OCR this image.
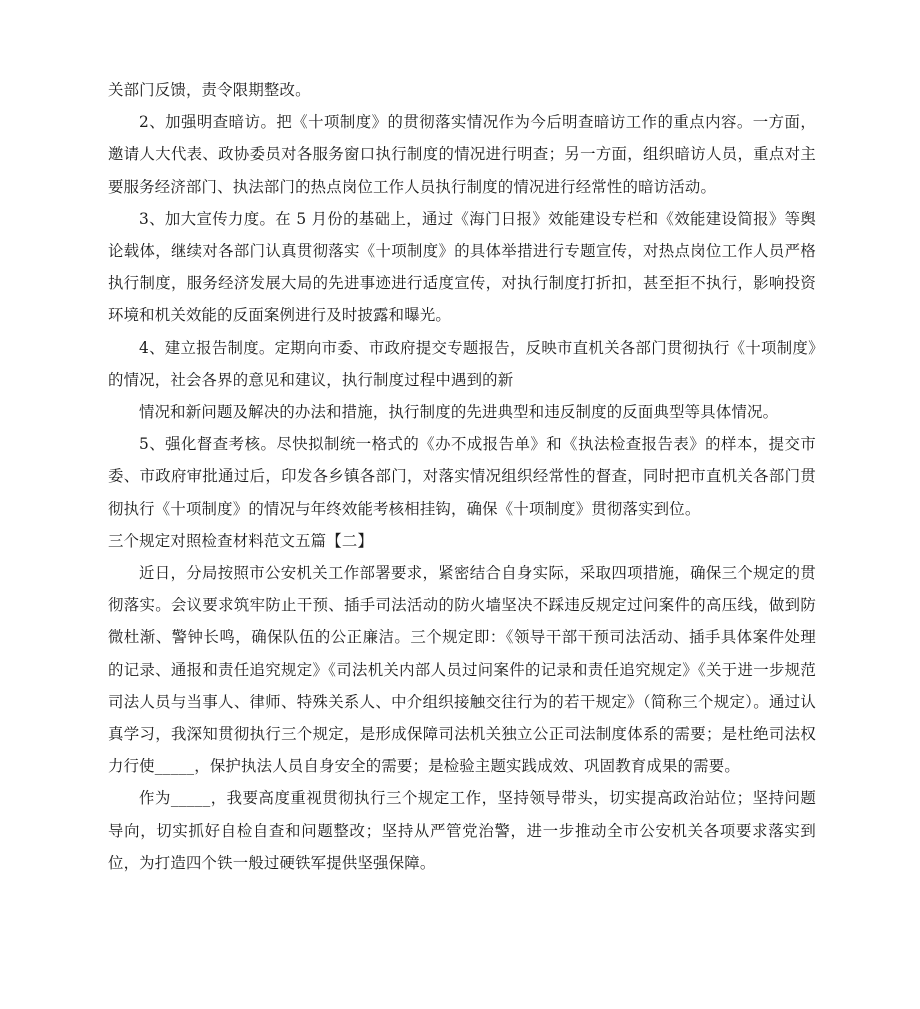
关部门反馈，责令限期整改。

2、加强明查暗访。把《十项制度》的贯彻落实情况作为今后明查暗访工作的重点内容。一方面，邀请人大代表、政协委员对各服务窗口执行制度的情况进行明查；另一方面，组织暗访人员，重点对主要服务经济部门、执法部门的热点岗位工作人员执行制度的情况进行经常性的暗访活动。

3、加大宣传力度。在 5 月份的基础上，通过《海门日报》效能建设专栏和《效能建设简报》等舆论载体，继续对各部门认真贯彻落实《十项制度》的具体举措进行专题宣传，对热点岗位工作人员严格执行制度，服务经济发展大局的先进事迹进行适度宣传，对执行制度打折扣，甚至拒不执行，影响投资环境和机关效能的反面案例进行及时披露和曝光。

4、建立报告制度。定期向市委、市政府提交专题报告，反映市直机关各部门贯彻执行《十项制度》的情况，社会各界的意见和建议，执行制度过程中遇到的新

情况和新问题及解决的办法和措施，执行制度的先进典型和违反制度的反面典型等具体情况。

5、强化督查考核。尽快拟制统一格式的《办不成报告单》和《执法检查报告表》的样本，提交市委、市政府审批通过后，印发各乡镇各部门，对落实情况组织经常性的督查，同时把市直机关各部门贯彻执行《十项制度》的情况与年终效能考核相挂钩，确保《十项制度》贯彻落实到位。

三个规定对照检查材料范文五篇【二】

近日，分局按照市公安机关工作部署要求，紧密结合自身实际，采取四项措施，确保三个规定的贯彻落实。会议要求筑牢防止干预、插手司法活动的防火墙坚决不踩违反规定过问案件的高压线，做到防微杜渐、警钟长鸣，确保队伍的公正廉洁。三个规定即：《领导干部干预司法活动、插手具体案件处理的记录、通报和责任追究规定》《司法机关内部人员过问案件的记录和责任追究规定》《关于进一步规范司法人员与当事人、律师、特殊关系人、中介组织接触交往行为的若干规定》（简称三个规定）。通过认真学习，我深知贯彻执行三个规定，是形成保障司法机关独立公正司法制度体系的需要；是杜绝司法权力行使_____，保护执法人员自身安全的需要；是检验主题实践成效、巩固教育成果的需要。

作为_____，我要高度重视贯彻执行三个规定工作，坚持领导带头，切实提高政治站位；坚持问题导向，切实抓好自检自查和问题整改；坚持从严管党治警，进一步推动全市公安机关各项要求落实到位，为打造四个铁一般过硬铁军提供坚强保障。
